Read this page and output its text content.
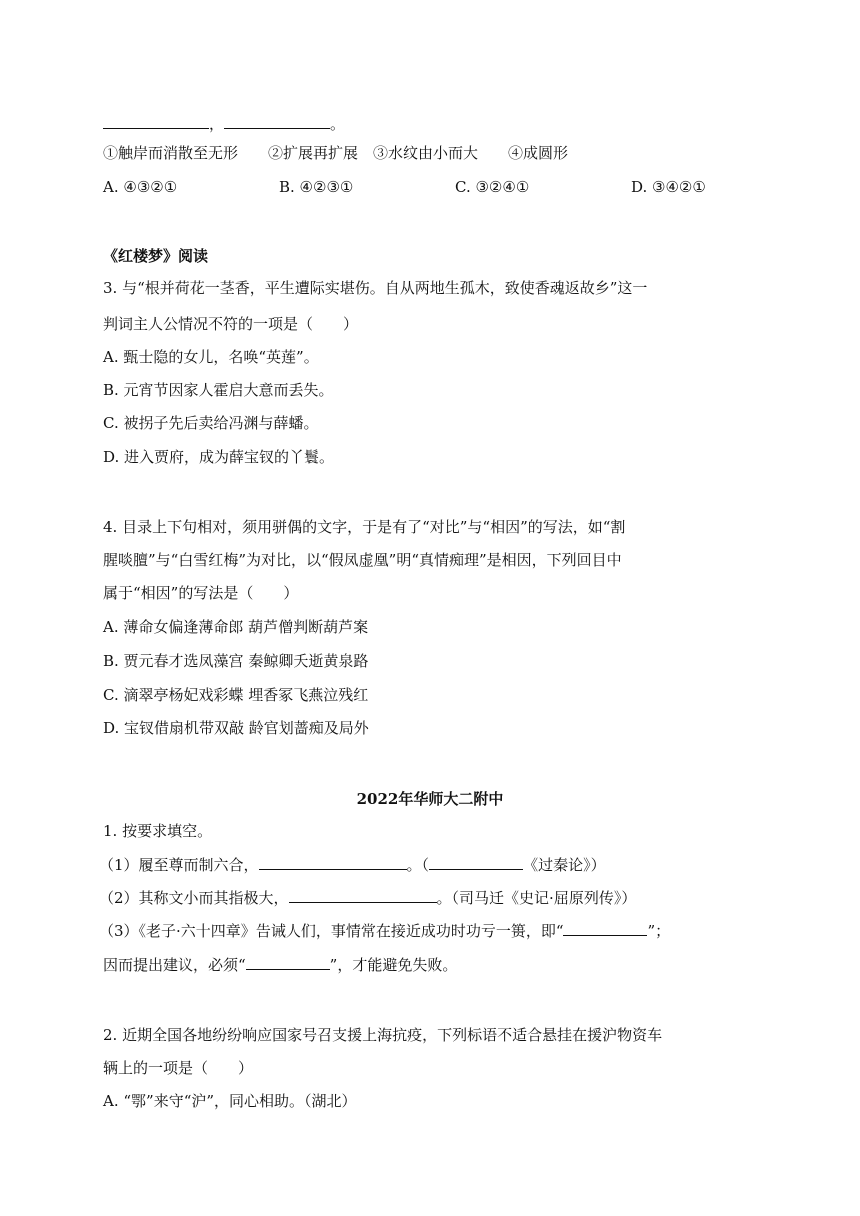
，	。
①触岸而消散至无形　　②扩展再扩展　③水纹由小而大　　④成圆形
A. ④③②①	B. ④②③①	C. ③②④①	D. ③④②①
《红楼梦》阅读
3. 与“根并荷花一茎香，平生遭际实堪伤。自从两地生孤木，致使香魂返故乡”这一
判词主人公情况不符的一项是（　　）
A. 甄士隐的女儿，名唤“英莲”。
B. 元宵节因家人霍启大意而丢失。
C. 被拐子先后卖给冯渊与薛蟠。
D. 进入贾府，成为薛宝钗的丫鬟。
4. 目录上下句相对，须用骈偶的文字，于是有了“对比”与“相因”的写法，如“割
腥啖膻”与“白雪红梅”为对比，以“假凤虚凰”明“真情痴理”是相因，下列回目中
属于“相因”的写法是（　　）
A. 薄命女偏逢薄命郎 葫芦僧判断葫芦案
B. 贾元春才选凤藻宫 秦鲸卿夭逝黄泉路
C. 滴翠亭杨妃戏彩蝶 埋香冢飞燕泣残红
D. 宝钗借扇机带双敲 龄官划蔷痴及局外
2022年华师大二附中
1. 按要求填空。
（1）履至尊而制六合，	。（	《过秦论》）
（2）其称文小而其指极大，	。（司马迁《史记·屈原列传》）
（3）《老子·六十四章》告诫人们，事情常在接近成功时功亏一篑，即“	”；
因而提出建议，必须“	”，才能避免失败。
2. 近期全国各地纷纷响应国家号召支援上海抗疫，下列标语不适合悬挂在援沪物资车
辆上的一项是（　　）
A. “鄂”来守“沪”，同心相助。（湖北）
